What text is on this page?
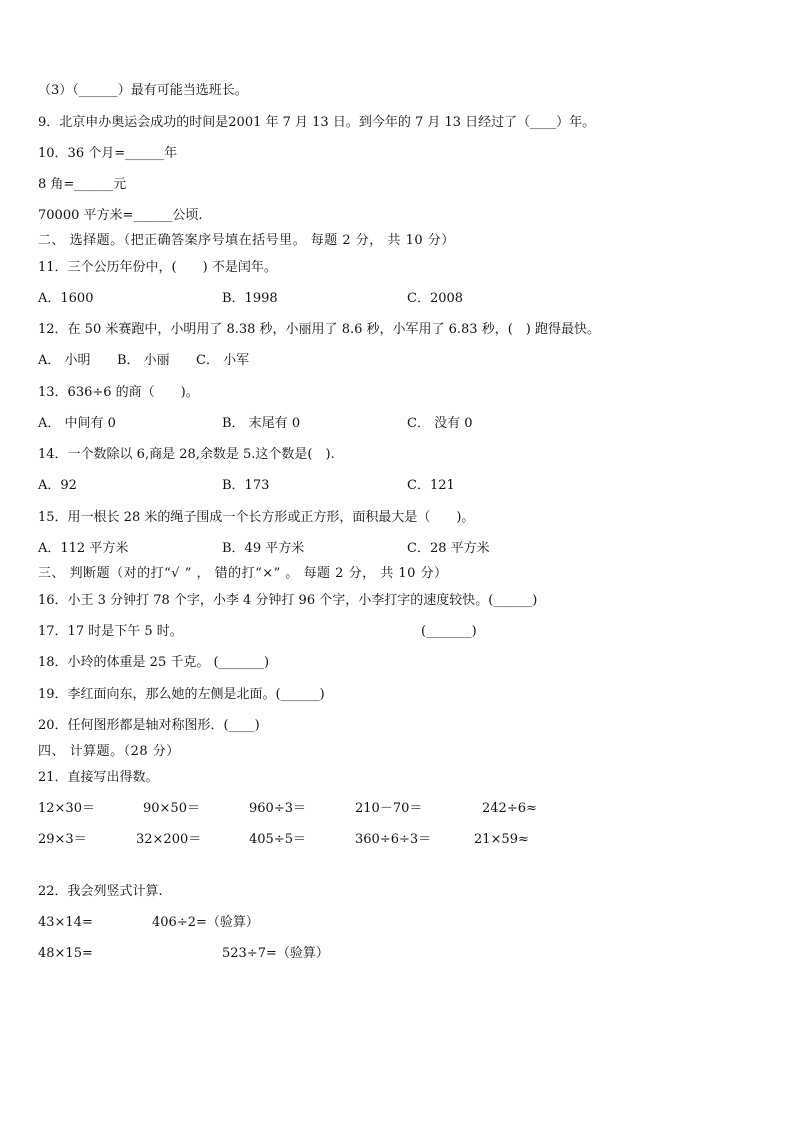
（3）（______）最有可能当选班长。
9．北京申办奥运会成功的时间是2001 年 7 月 13 日。到今年的 7 月 13 日经过了（____）年。
10．36 个月=______年
8 角=______元
70000 平方米=______公顷.
二、 选择题。（把正确答案序号填在括号里。 每题 2 分， 共 10 分）
11．三个公历年份中，(　　) 不是闰年。
A．1600	B．1998	C．2008
12．在 50 米赛跑中，小明用了 8.38 秒，小丽用了 8.6 秒，小军用了 6.83 秒，(　) 跑得最快。
A． 小明 B． 小丽 C． 小军
13．636÷6 的商（　　)。
A． 中间有 0	B． 末尾有 0	C． 没有 0
14．一个数除以 6,商是 28,余数是 5.这个数是(　).
A．92	B．173	C．121
15．用一根长 28 米的绳子围成一个长方形或正方形，面积最大是（　　)。
A．112 平方米	B．49 平方米	C．28 平方米
三、 判断题（对的打“√ ” ， 错的打“×” 。 每题 2 分， 共 10 分）
16．小王 3 分钟打 78 个字，小李 4 分钟打 96 个字，小李打字的速度较快。(______)
17．17 时是下午 5 时。	(_______)
18．小玲的体重是 25 千克。 (_______)
19．李红面向东，那么她的左侧是北面。(______)
20．任何图形都是轴对称图形．(____)
四、 计算题。（28 分）
21．直接写出得数。
12×30＝	90×50＝	960÷3＝	210－70＝	242÷6≈
29×3＝	32×200＝	405÷5＝	360÷6÷3＝	21×59≈
22．我会列竖式计算.
43×14=	406÷2=（验算）
48×15=	523÷7=（验算）
